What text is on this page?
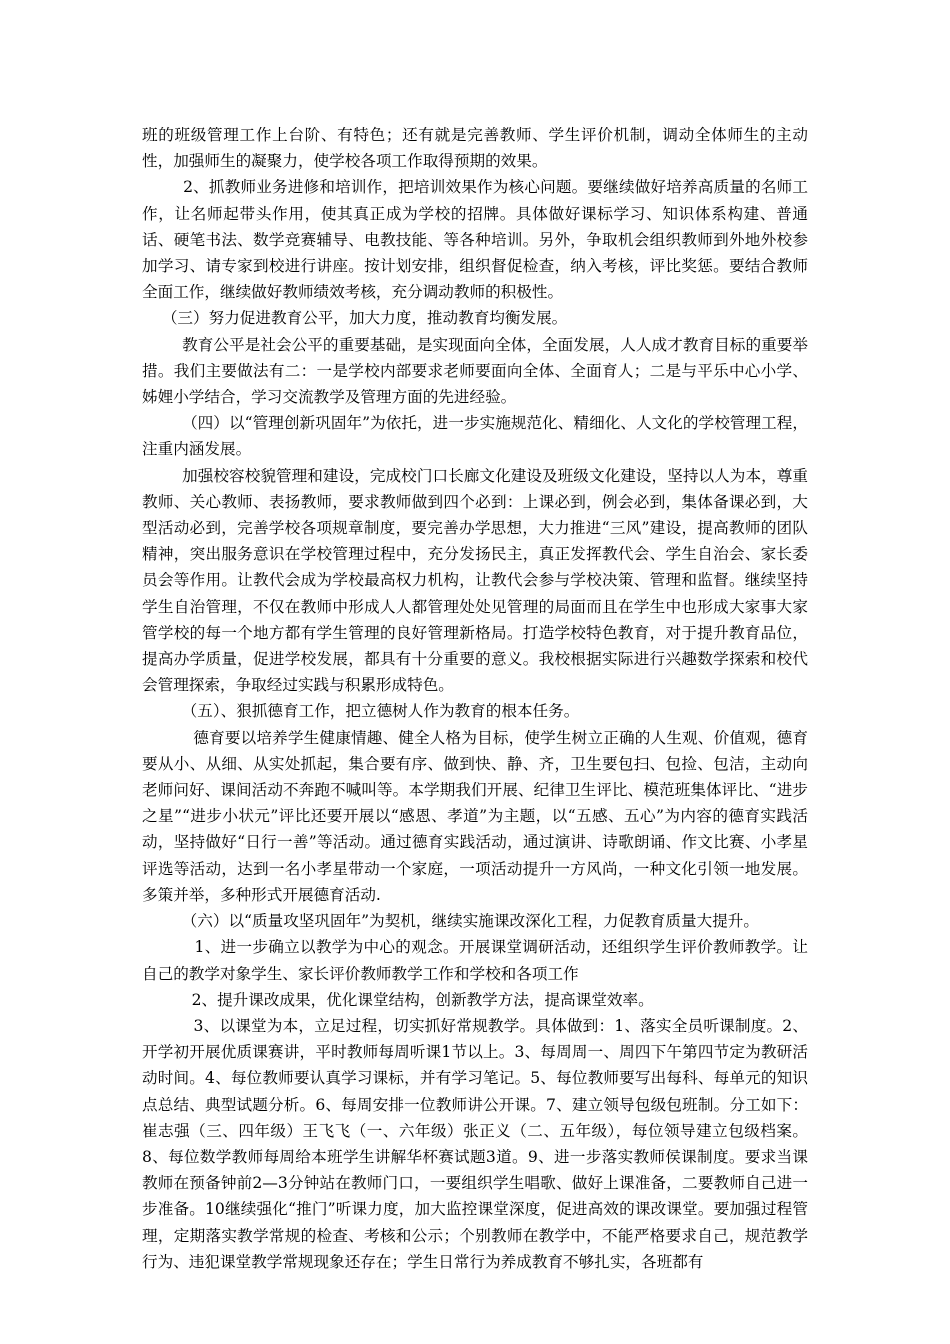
班的班级管理工作上台阶、有特色；还有就是完善教师、学生评价机制，调动全体师生的主动性，加强师生的凝聚力，使学校各项工作取得预期的效果。

2、抓教师业务进修和培训作，把培训效果作为核心问题。要继续做好培养高质量的名师工作，让名师起带头作用，使其真正成为学校的招牌。具体做好课标学习、知识体系构建、普通话、硬笔书法、数学竞赛辅导、电教技能、等各种培训。另外，争取机会组织教师到外地外校参加学习、请专家到校进行讲座。按计划安排，组织督促检查，纳入考核，评比奖惩。要结合教师全面工作，继续做好教师绩效考核，充分调动教师的积极性。

（三）努力促进教育公平，加大力度，推动教育均衡发展。

教育公平是社会公平的重要基础，是实现面向全体，全面发展，人人成才教育目标的重要举措。我们主要做法有二：一是学校内部要求老师要面向全体、全面育人；二是与平乐中心小学、姊娌小学结合，学习交流教学及管理方面的先进经验。

（四）以“管理创新巩固年”为依托，进一步实施规范化、精细化、人文化的学校管理工程，注重内涵发展。

加强校容校貌管理和建设，完成校门口长廊文化建设及班级文化建设，坚持以人为本，尊重教师、关心教师、表扬教师，要求教师做到四个必到：上课必到，例会必到，集体备课必到，大型活动必到，完善学校各项规章制度，要完善办学思想，大力推进“三风”建设，提高教师的团队精神，突出服务意识在学校管理过程中，充分发扬民主，真正发挥教代会、学生自治会、家长委员会等作用。让教代会成为学校最高权力机构，让教代会参与学校决策、管理和监督。继续坚持学生自治管理，不仅在教师中形成人人都管理处处见管理的局面而且在学生中也形成大家事大家管学校的每一个地方都有学生管理的良好管理新格局。打造学校特色教育，对于提升教育品位，提高办学质量，促进学校发展，都具有十分重要的意义。我校根据实际进行兴趣数学探索和校代会管理探索，争取经过实践与积累形成特色。

（五）、狠抓德育工作，把立德树人作为教育的根本任务。

德育要以培养学生健康情趣、健全人格为目标，使学生树立正确的人生观、价值观，德育要从小、从细、从实处抓起，集合要有序、做到快、静、齐，卫生要包扫、包捡、包洁，主动向老师问好、课间活动不奔跑不喊叫等。本学期我们开展、纪律卫生评比、模范班集体评比、“进步之星”“进步小状元”评比还要开展以“感恩、孝道”为主题，以“五感、五心”为内容的德育实践活动，坚持做好“日行一善”等活动。通过德育实践活动，通过演讲、诗歌朗诵、作文比赛、小孝星评选等活动，达到一名小孝星带动一个家庭，一项活动提升一方风尚，一种文化引领一地发展。多策并举，多种形式开展德育活动.

（六）以“质量攻坚巩固年”为契机，继续实施课改深化工程，力促教育质量大提升。

1、进一步确立以教学为中心的观念。开展课堂调研活动，还组织学生评价教师教学。让自己的教学对象学生、家长评价教师教学工作和学校和各项工作

2、提升课改成果，优化课堂结构，创新教学方法，提高课堂效率。

3、以课堂为本，立足过程，切实抓好常规教学。具体做到：1、落实全员听课制度。2、开学初开展优质课赛讲，平时教师每周听课1节以上。3、每周周一、周四下午第四节定为教研活动时间。4、每位教师要认真学习课标，并有学习笔记。5、每位教师要写出每科、每单元的知识点总结、典型试题分析。6、每周安排一位教师讲公开课。7、建立领导包级包班制。分工如下：崔志强（三、四年级）王飞飞（一、六年级）张正义（二、五年级），每位领导建立包级档案。8、每位数学教师每周给本班学生讲解华杯赛试题3道。9、进一步落实教师侯课制度。要求当课教师在预备钟前2—3分钟站在教师门口，一要组织学生唱歌、做好上课准备，二要教师自己进一步准备。10继续强化“推门”听课力度，加大监控课堂深度，促进高效的课改课堂。要加强过程管理，定期落实教学常规的检查、考核和公示；个别教师在教学中，不能严格要求自己，规范教学行为、违犯课堂教学常规现象还存在；学生日常行为养成教育不够扎实，各班都有
